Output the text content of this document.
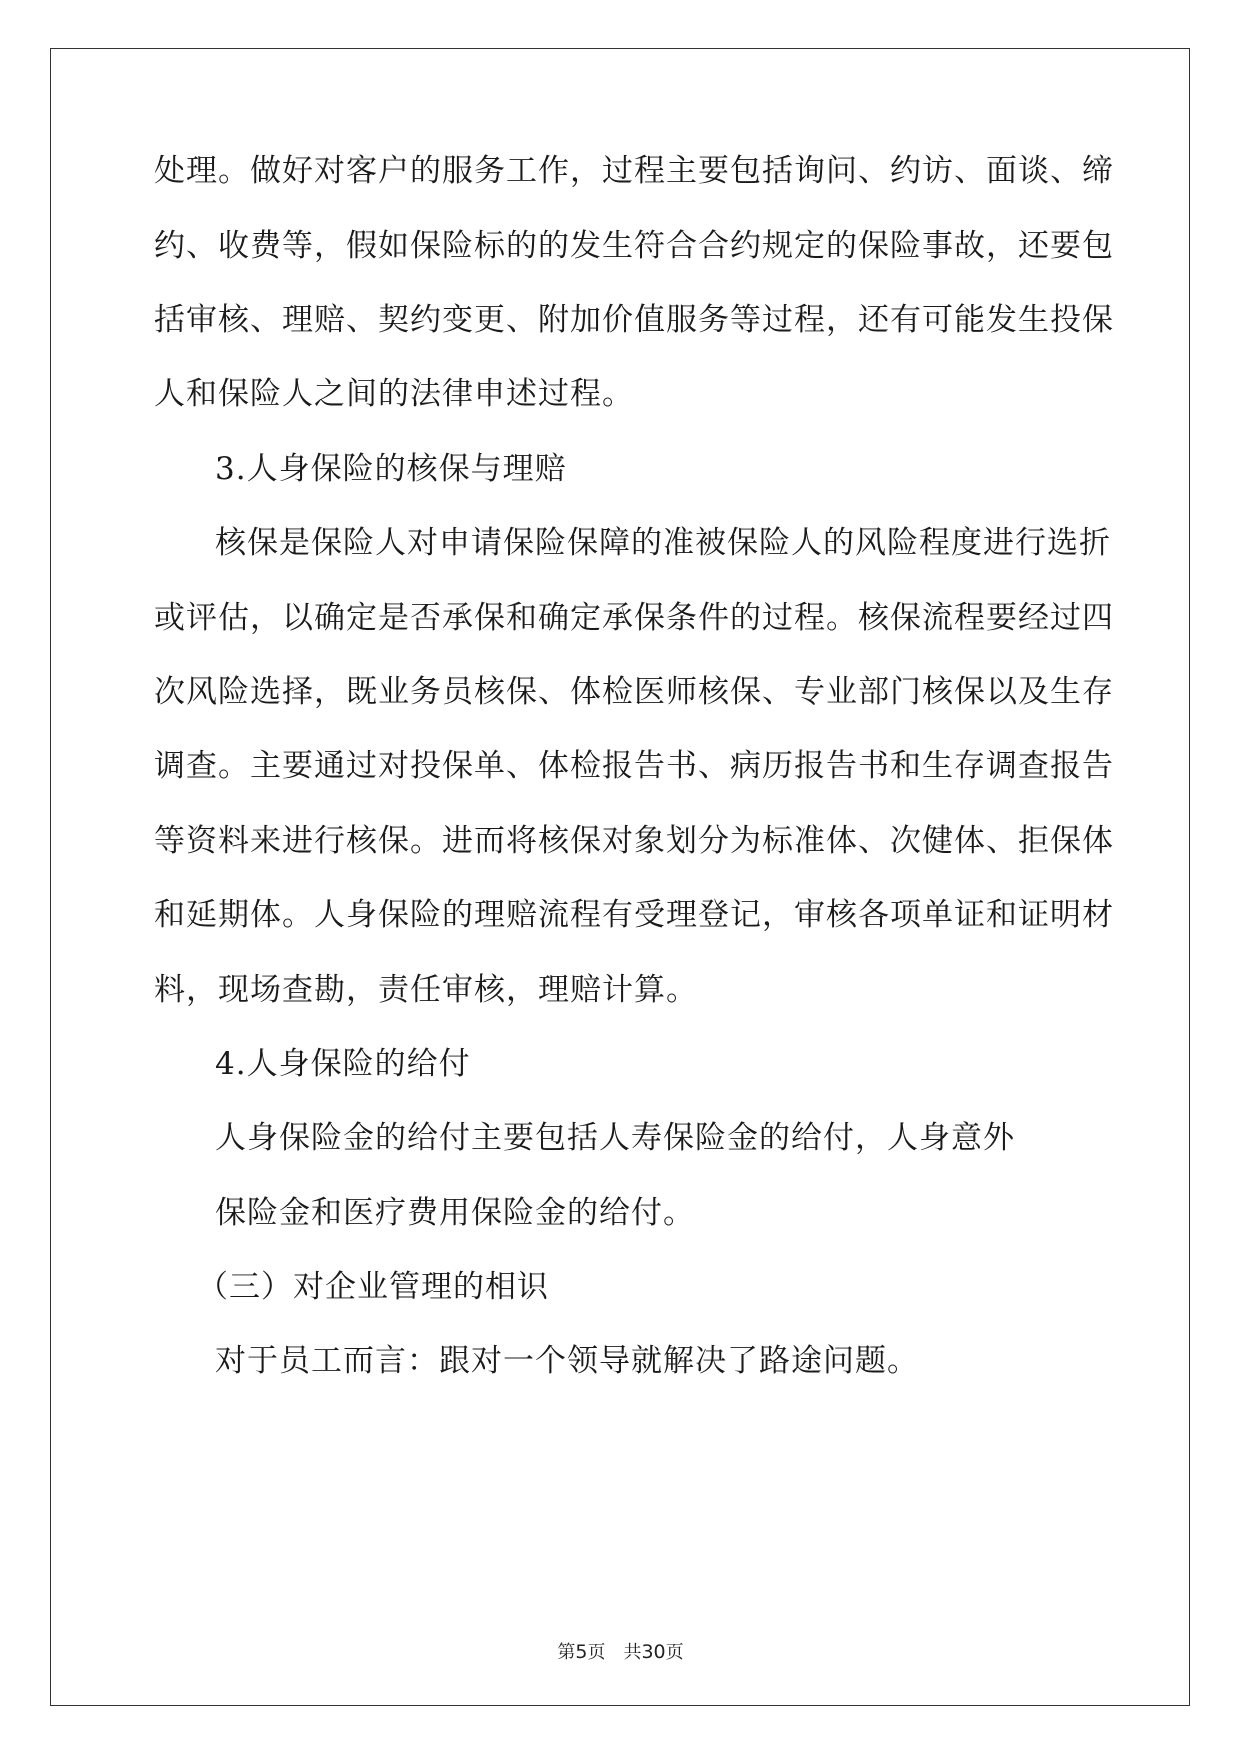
处理。做好对客户的服务工作，过程主要包括询问、约访、面谈、缔
约、收费等，假如保险标的的发生符合合约规定的保险事故，还要包
括审核、理赔、契约变更、附加价值服务等过程，还有可能发生投保
人和保险人之间的法律申述过程。
3.人身保险的核保与理赔
核保是保险人对申请保险保障的准被保险人的风险程度进行选折
或评估，以确定是否承保和确定承保条件的过程。核保流程要经过四
次风险选择，既业务员核保、体检医师核保、专业部门核保以及生存
调查。主要通过对投保单、体检报告书、病历报告书和生存调查报告
等资料来进行核保。进而将核保对象划分为标准体、次健体、拒保体
和延期体。人身保险的理赔流程有受理登记，审核各项单证和证明材
料，现场查勘，责任审核，理赔计算。
4.人身保险的给付
人身保险金的给付主要包括人寿保险金的给付，人身意外
保险金和医疗费用保险金的给付。
（三）对企业管理的相识
对于员工而言：跟对一个领导就解决了路途问题。
第5页　共30页
